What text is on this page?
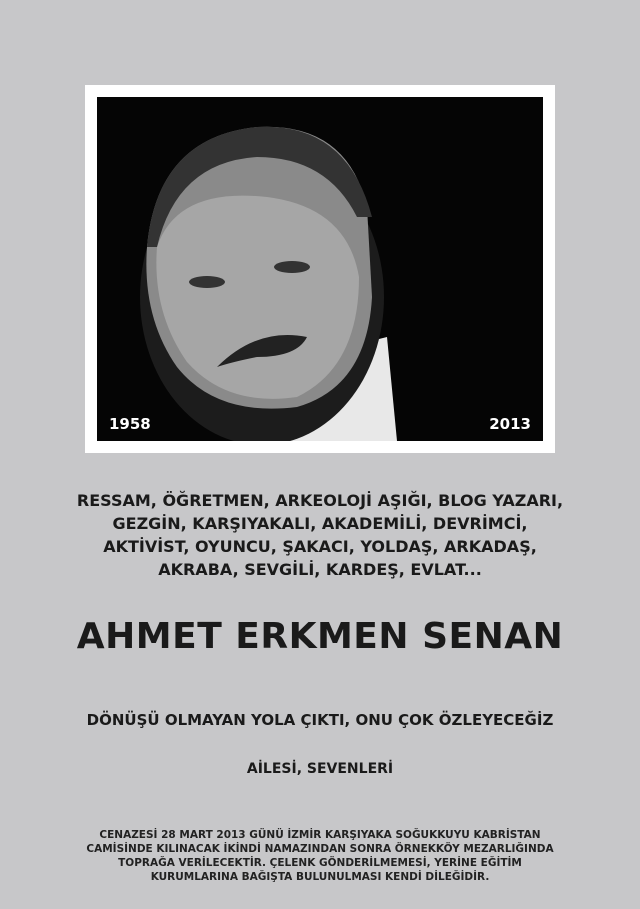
1958	2013
RESSAM, ÖĞRETMEN, ARKEOLOJİ AŞIĞI, BLOG YAZARI,
GEZGİN, KARŞIYAKALI, AKADEMİLİ, DEVRİMCİ,
AKTİVİST, OYUNCU, ŞAKACI, YOLDAŞ, ARKADAŞ,
AKRABA, SEVGİLİ, KARDEŞ, EVLAT...
AHMET ERKMEN SENAN
DÖNÜŞÜ OLMAYAN YOLA ÇIKTI, ONU ÇOK ÖZLEYECEĞİZ
AİLESİ, SEVENLERİ
CENAZESİ 28 MART 2013 GÜNÜ İZMİR KARŞIYAKA SOĞUKKUYU KABRİSTAN
CAMİSİNDE KILINACAK İKİNDİ NAMAZINDAN SONRA ÖRNEKKÖY MEZARLIĞINDA
TOPRAĞA VERİLECEKTİR. ÇELENK GÖNDERİLMEMESİ, YERİNE EĞİTİM
KURUMLARINA BAĞIŞTA BULUNULMASI KENDİ DİLEĞİDİR.
